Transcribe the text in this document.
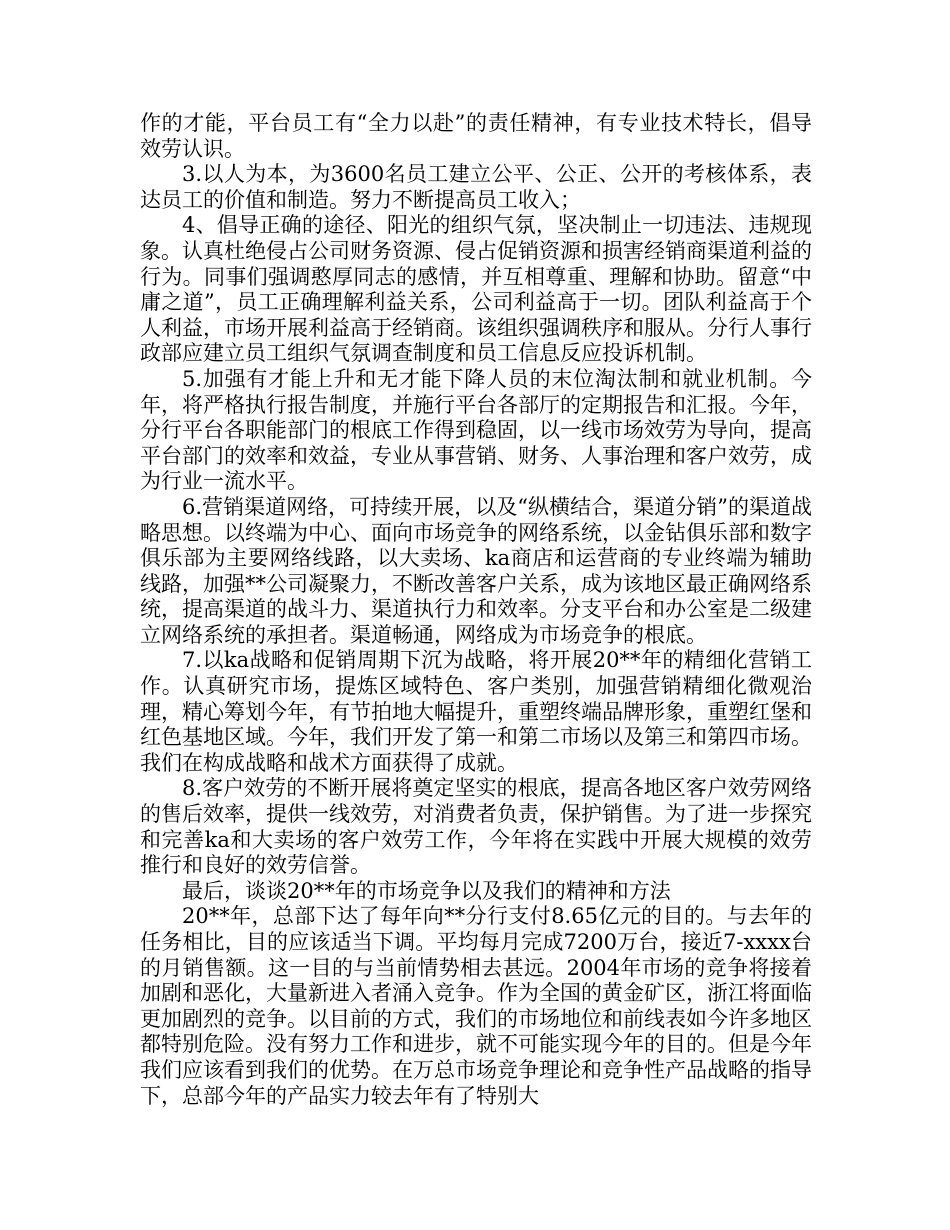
作的才能，平台员工有“全力以赴”的责任精神，有专业技术特长，倡导效劳认识。

3.以人为本，为3600名员工建立公平、公正、公开的考核体系，表达员工的价值和制造。努力不断提高员工收入；

4、倡导正确的途径、阳光的组织气氛，坚决制止一切违法、违规现象。认真杜绝侵占公司财务资源、侵占促销资源和损害经销商渠道利益的行为。同事们强调憨厚同志的感情，并互相尊重、理解和协助。留意“中庸之道”，员工正确理解利益关系，公司利益高于一切。团队利益高于个人利益，市场开展利益高于经销商。该组织强调秩序和服从。分行人事行政部应建立员工组织气氛调查制度和员工信息反应投诉机制。

5.加强有才能上升和无才能下降人员的末位淘汰制和就业机制。今年，将严格执行报告制度，并施行平台各部厅的定期报告和汇报。今年，分行平台各职能部门的根底工作得到稳固，以一线市场效劳为导向，提高平台部门的效率和效益，专业从事营销、财务、人事治理和客户效劳，成为行业一流水平。

6.营销渠道网络，可持续开展，以及“纵横结合，渠道分销”的渠道战略思想。以终端为中心、面向市场竞争的网络系统，以金钻俱乐部和数字俱乐部为主要网络线路，以大卖场、ka商店和运营商的专业终端为辅助线路，加强**公司凝聚力，不断改善客户关系，成为该地区最正确网络系统，提高渠道的战斗力、渠道执行力和效率。分支平台和办公室是二级建立网络系统的承担者。渠道畅通，网络成为市场竞争的根底。

7.以ka战略和促销周期下沉为战略，将开展20**年的精细化营销工作。认真研究市场，提炼区域特色、客户类别，加强营销精细化微观治理，精心筹划今年，有节拍地大幅提升，重塑终端品牌形象，重塑红堡和红色基地区域。今年，我们开发了第一和第二市场以及第三和第四市场。我们在构成战略和战术方面获得了成就。

8.客户效劳的不断开展将奠定坚实的根底，提高各地区客户效劳网络的售后效率，提供一线效劳，对消费者负责，保护销售。为了进一步探究和完善ka和大卖场的客户效劳工作，今年将在实践中开展大规模的效劳推行和良好的效劳信誉。

最后，谈谈20**年的市场竞争以及我们的精神和方法

20**年，总部下达了每年向**分行支付8.65亿元的目的。与去年的任务相比，目的应该适当下调。平均每月完成7200万台，接近7-xxxx台的月销售额。这一目的与当前情势相去甚远。2004年市场的竞争将接着加剧和恶化，大量新进入者涌入竞争。作为全国的黄金矿区，浙江将面临更加剧烈的竞争。以目前的方式，我们的市场地位和前线表如今许多地区都特别危险。没有努力工作和进步，就不可能实现今年的目的。但是今年我们应该看到我们的优势。在万总市场竞争理论和竞争性产品战略的指导下，总部今年的产品实力较去年有了特别大
